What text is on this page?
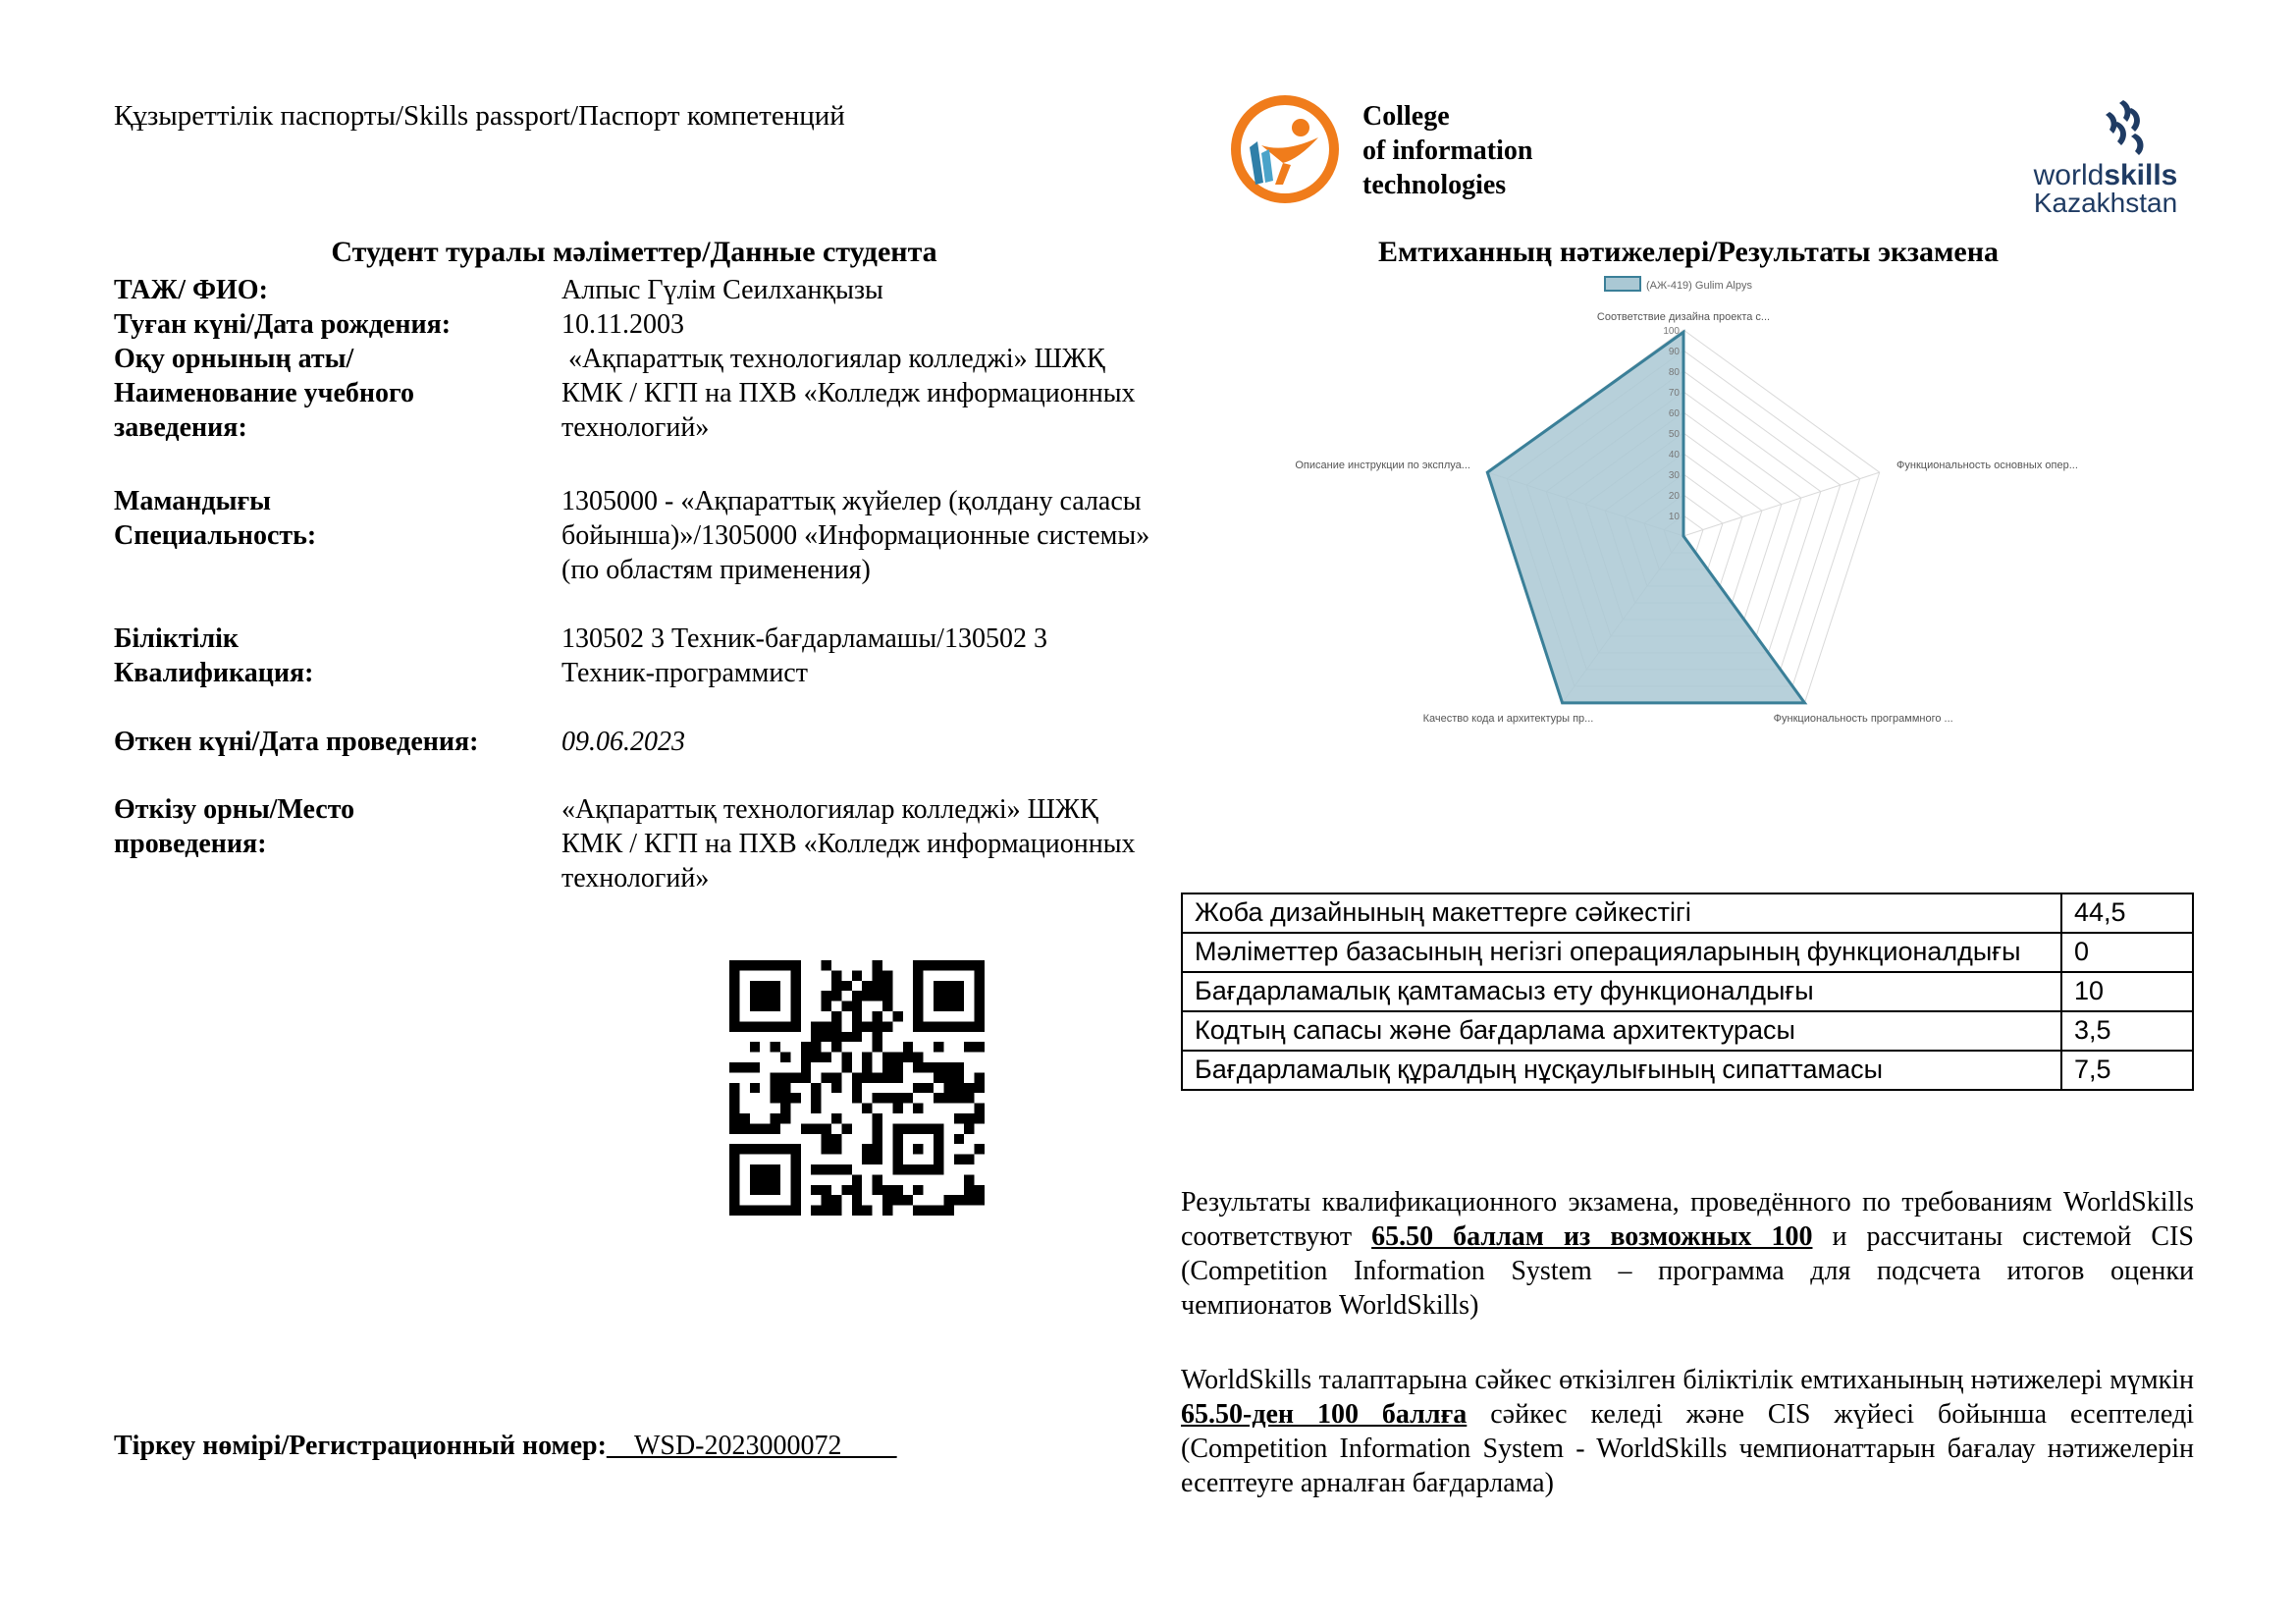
Құзыреттілік паспорты/Skills passport/Паспорт компетенций	College
of information
technologies	worldskills
Kazakhstan
Студент туралы мәліметтер/Данные студента	Емтиханның нәтижелері/Результаты экзамена
ТАЖ/ ФИО:	Алпыс Гүлім Сеилханқызы
Туған күні/Дата рождения:	10.11.2003
Оқу орнының аты/Наименование учебного заведения:
«Ақпараттық технологиялар колледжі» ШЖҚ КМК / КГП на ПХВ «Колледж информационных технологий»
Мамандығы Специальность:
1305000 - «Ақпараттық жүйелер (қолдану саласы бойынша)»/1305000 «Информационные системы» (по областям применения)
Біліктілік Квалификация:
130502 3 Техник-бағдарламашы/130502 3 Техник-программист
Өткен күні/Дата проведения:	09.06.2023
Өткізу орны/Место проведения:
«Ақпараттық технологиялар колледжі» ШЖҚ КМК / КГП на ПХВ «Колледж информационных технологий»
Тіркеу нөмірі/Регистрационный номер:__WSD-2023000072____
10
20
30
40
50
60
70
80
90
100
Соответствие дизайна проекта с...
Функциональность основных опер...
Функциональность программного ...
Качество кода и архитектуры пр...
Описание инструкции по эксплуа...
(АЖ-419) Gulim Alpys
Жоба дизайнының макеттерге сәйкестігі	44,5
Мәліметтер базасының негізгі операцияларының функционалдығы	0
Бағдарламалық қамтамасыз ету функционалдығы	10
Кодтың сапасы және бағдарлама архитектурасы	3,5
Бағдарламалық құралдың нұсқаулығының сипаттамасы	7,5
Результаты квалификационного экзамена, проведённого по требованиям WorldSkills соответствуют 65.50 баллам из возможных 100 и рассчитаны системой CIS (Competition Information System – программа для подсчета итогов оценки чемпионатов WorldSkills)
WorldSkills талаптарына сәйкес өткізілген біліктілік емтиханының нәтижелері мүмкін 65.50-ден 100 баллға сәйкес келеді және CIS жүйесі бойынша есептеледі (Competition Information System - WorldSkills чемпионаттарын бағалау нәтижелерін есептеуге арналған бағдарлама)
